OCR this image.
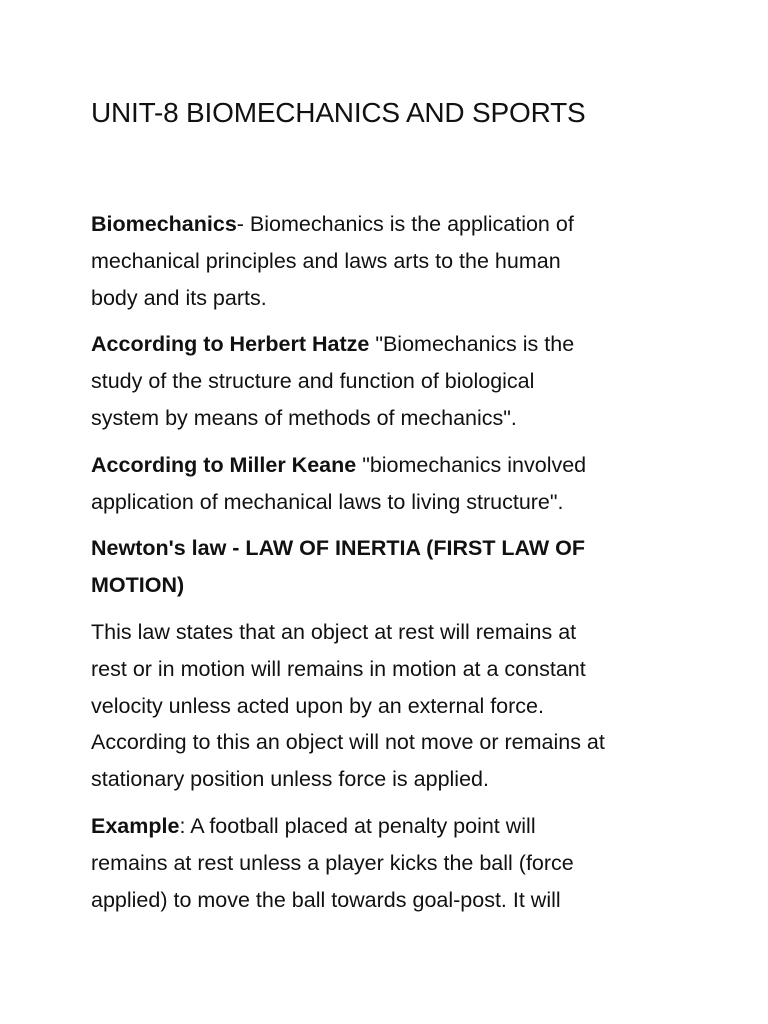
UNIT-8 BIOMECHANICS AND SPORTS
Biomechanics- Biomechanics is the application of
mechanical principles and laws arts to the human
body and its parts.
According to Herbert Hatze "Biomechanics is the
study of the structure and function of biological
system by means of methods of mechanics".
According to Miller Keane "biomechanics involved
application of mechanical laws to living structure".
Newton's law - LAW OF INERTIA (FIRST LAW OF
MOTION)
This law states that an object at rest will remains at
rest or in motion will remains in motion at a constant
velocity unless acted upon by an external force.
According to this an object will not move or remains at
stationary position unless force is applied.
Example: A football placed at penalty point will
remains at rest unless a player kicks the ball (force
applied) to move the ball towards goal-post. It will
